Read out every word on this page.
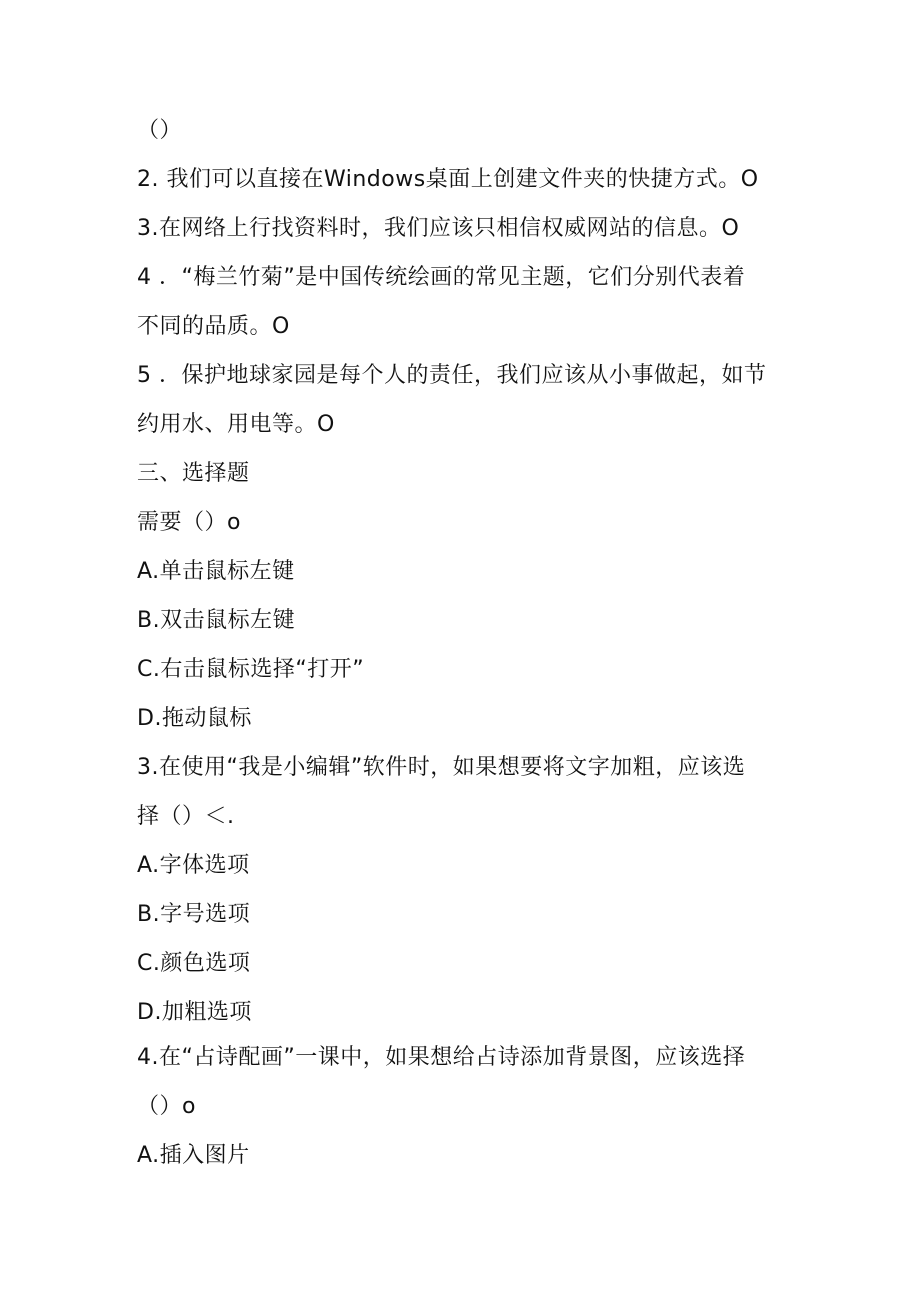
（）
2. 我们可以直接在Windows桌面上创建文件夹的快捷方式。O
3.在网络上行找资料时，我们应该只相信权威网站的信息。O
4 ．“梅兰竹菊”是中国传统绘画的常见主题，它们分别代表着
不同的品质。O
5 ．保护地球家园是每个人的责任，我们应该从小事做起，如节
约用水、用电等。O
三、选择题
需要（）o
A.单击鼠标左键
B.双击鼠标左键
C.右击鼠标选择“打开”
D.拖动鼠标
3.在使用“我是小编辑”软件时，如果想要将文字加粗，应该选
择（）＜.
A.字体选项
B.字号选项
C.颜色选项
D.加粗选项
4.在“占诗配画”一课中，如果想给占诗添加背景图，应该选择
（）o
A.插入图片
